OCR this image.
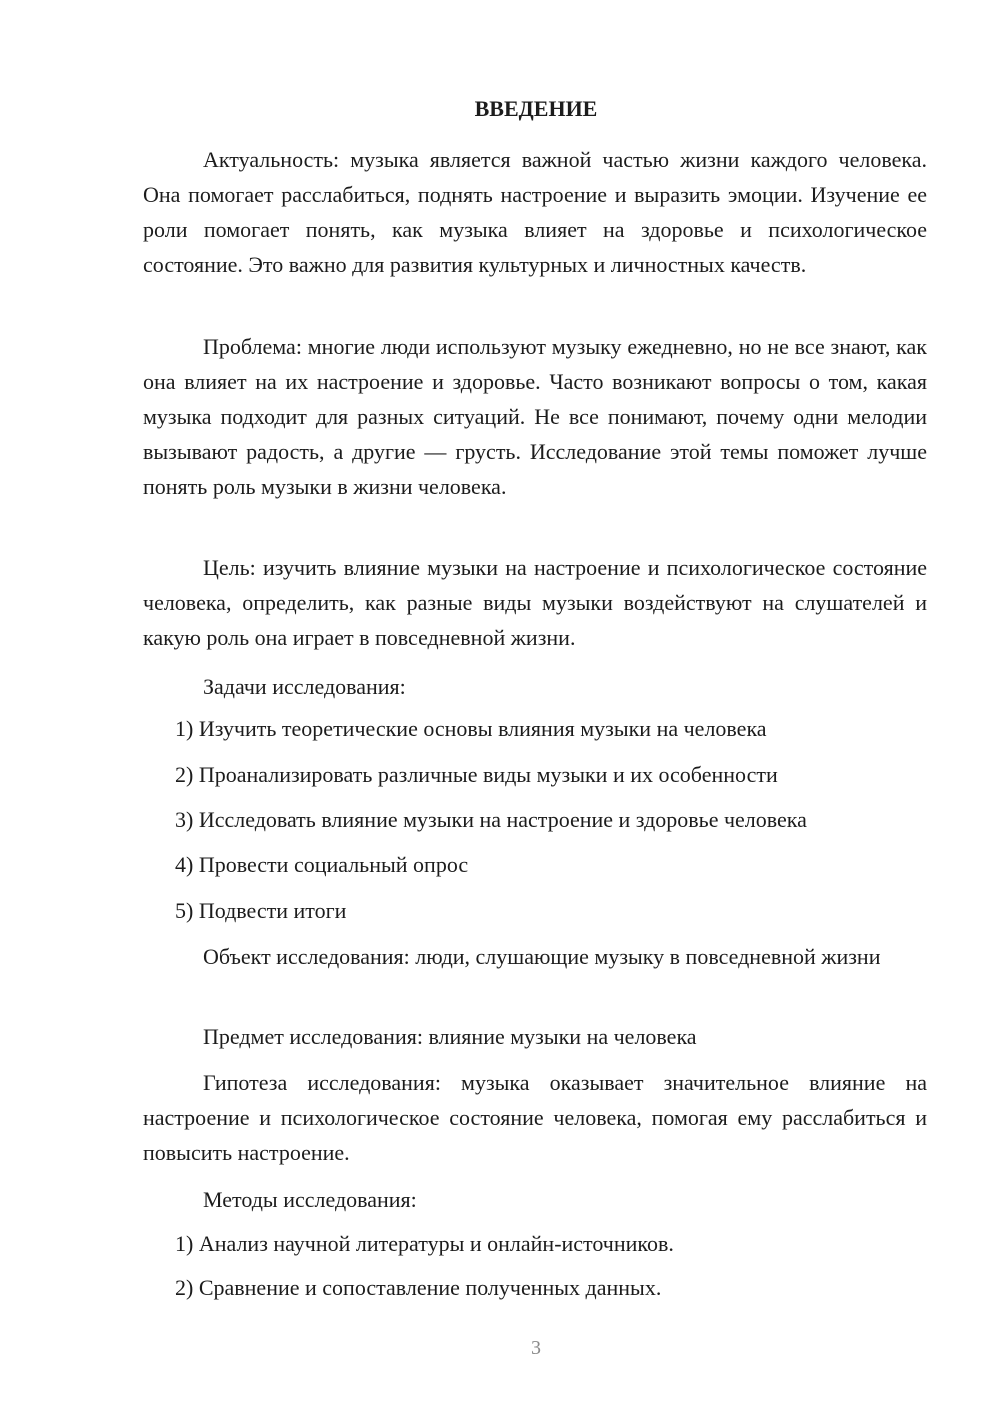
ВВЕДЕНИЕ

Актуальность: музыка является важной частью жизни каждого человека. Она помогает расслабиться, поднять настроение и выразить эмоции. Изучение ее роли помогает понять, как музыка влияет на здоровье и психологическое состояние. Это важно для развития культурных и личностных качеств.

Проблема: многие люди используют музыку ежедневно, но не все знают, как она влияет на их настроение и здоровье. Часто возникают вопросы о том, какая музыка подходит для разных ситуаций. Не все понимают, почему одни мелодии вызывают радость, а другие — грусть. Исследование этой темы поможет лучше понять роль музыки в жизни человека.

Цель: изучить влияние музыки на настроение и психологическое состояние человека, определить, как разные виды музыки воздействуют на слушателей и какую роль она играет в повседневной жизни.

Задачи исследования:

1) Изучить теоретические основы влияния музыки на человека

2) Проанализировать различные виды музыки и их особенности

3) Исследовать влияние музыки на настроение и здоровье человека

4) Провести социальный опрос

5) Подвести итоги

Объект исследования: люди, слушающие музыку в повседневной жизни

Предмет исследования: влияние музыки на человека

Гипотеза исследования: музыка оказывает значительное влияние на настроение и психологическое состояние человека, помогая ему расслабиться и повысить настроение.

Методы исследования:

1) Анализ научной литературы и онлайн-источников.

2) Сравнение и сопоставление полученных данных.

3
